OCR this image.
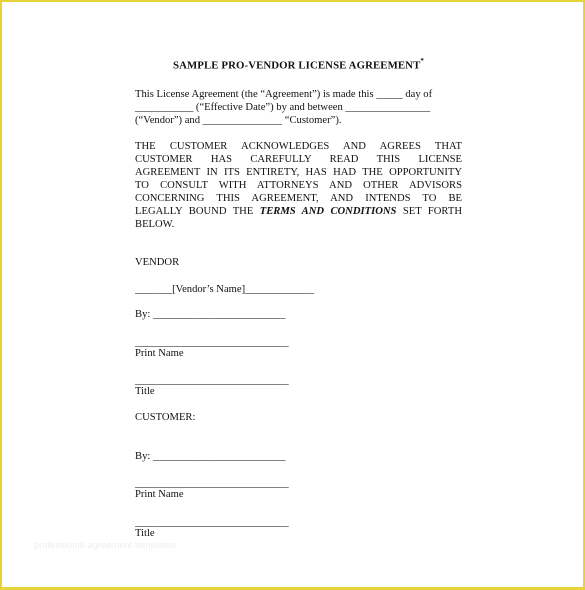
SAMPLE PRO-VENDOR LICENSE AGREEMENT*
This License Agreement (the “Agreement”) is made this _____ day of
___________ (“Effective Date”) by and between ________________
(“Vendor”) and _______________ “Customer”).
THE CUSTOMER ACKNOWLEDGES AND AGREES THAT
CUSTOMER HAS CAREFULLY READ THIS LICENSE
AGREEMENT IN ITS ENTIRETY, HAS HAD THE OPPORTUNITY
TO CONSULT WITH ATTORNEYS AND OTHER ADVISORS
CONCERNING THIS AGREEMENT, AND INTENDS TO BE
LEGALLY BOUND THE TERMS AND CONDITIONS SET FORTH
BELOW.
VENDOR
_______[Vendor’s Name]_____________
By: _________________________
_____________________________
Print Name
_____________________________
Title
CUSTOMER:
By: _________________________
_____________________________
Print Name
_____________________________
Title
professional agreement templates
